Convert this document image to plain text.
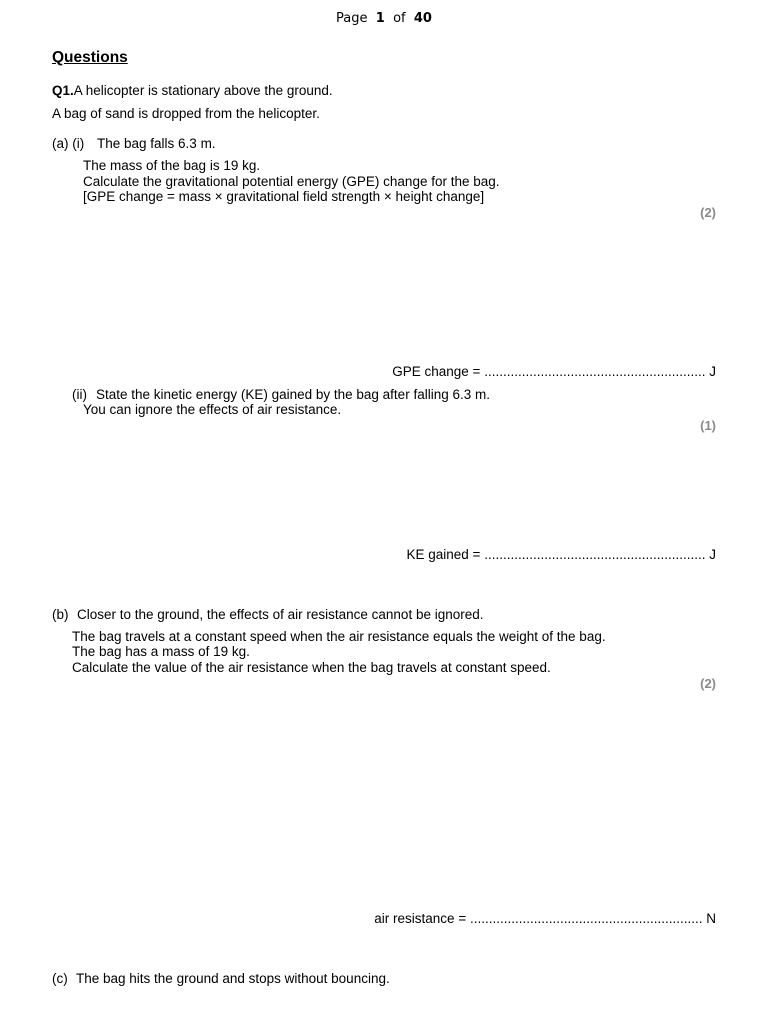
Page 1 of 40
Questions
Q1.A helicopter is stationary above the ground.
A bag of sand is dropped from the helicopter.
(a) (i) The bag falls 6.3 m.
The mass of the bag is 19 kg.
Calculate the gravitational potential energy (GPE) change for the bag.
[GPE change = mass × gravitational field strength × height change]
(2)
GPE change = ........................................................... J
(ii) State the kinetic energy (KE) gained by the bag after falling 6.3 m.
You can ignore the effects of air resistance.
(1)
KE gained = ........................................................... J
(b) Closer to the ground, the effects of air resistance cannot be ignored.
The bag travels at a constant speed when the air resistance equals the weight of the bag.
The bag has a mass of 19 kg.
Calculate the value of the air resistance when the bag travels at constant speed.
(2)
air resistance = .............................................................. N
(c) The bag hits the ground and stops without bouncing.
